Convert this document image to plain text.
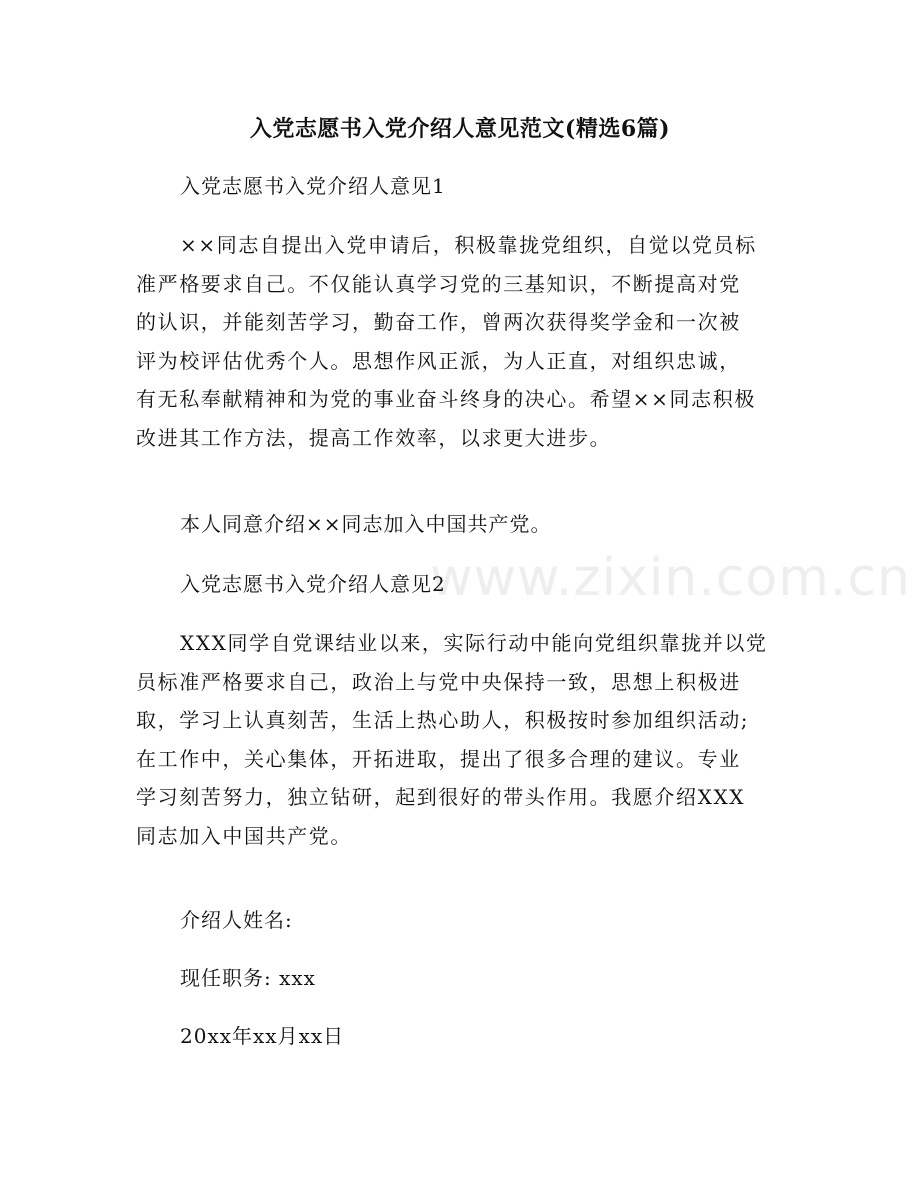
www.zixin.com.cn
入党志愿书入党介绍人意见范文(精选6篇)
入党志愿书入党介绍人意见1
××同志自提出入党申请后，积极靠拢党组织，自觉以党员标
准严格要求自己。不仅能认真学习党的三基知识，不断提高对党
的认识，并能刻苦学习，勤奋工作，曾两次获得奖学金和一次被
评为校评估优秀个人。思想作风正派，为人正直，对组织忠诚，
有无私奉献精神和为党的事业奋斗终身的决心。希望××同志积极
改进其工作方法，提高工作效率，以求更大进步。
本人同意介绍××同志加入中国共产党。
入党志愿书入党介绍人意见2
XXX同学自党课结业以来，实际行动中能向党组织靠拢并以党
员标准严格要求自己，政治上与党中央保持一致，思想上积极进
取，学习上认真刻苦，生活上热心助人，积极按时参加组织活动;
在工作中，关心集体，开拓进取，提出了很多合理的建议。专业
学习刻苦努力，独立钻研，起到很好的带头作用。我愿介绍XXX
同志加入中国共产党。
介绍人姓名:
现任职务: xxx
20xx年xx月xx日
